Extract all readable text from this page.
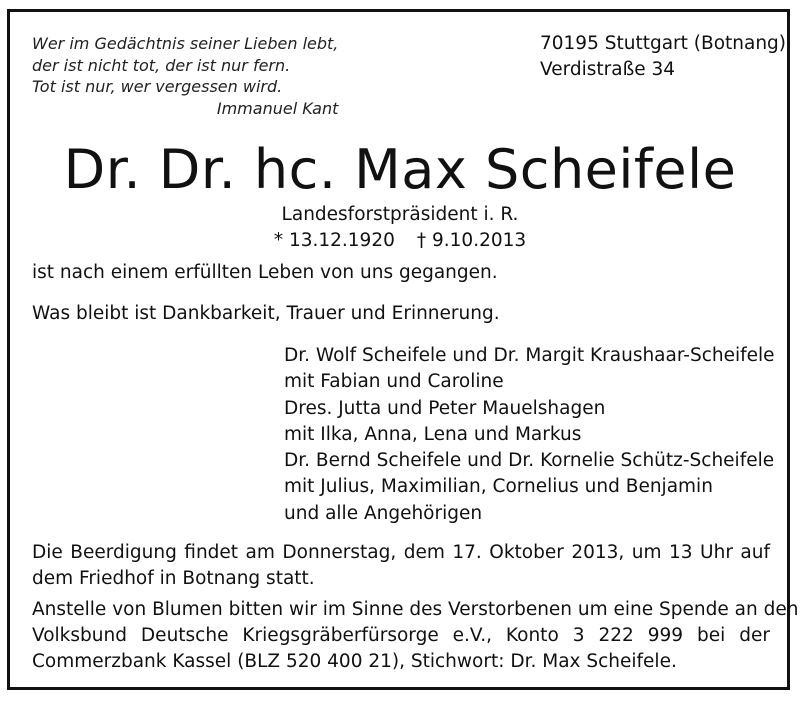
Wer im Gedächtnis seiner Lieben lebt,
der ist nicht tot, der ist nur fern.
Tot ist nur, wer vergessen wird.
Immanuel Kant
70195 Stuttgart (Botnang)
Verdistraße 34
Dr. Dr. hc. Max Scheifele
Landesforstpräsident i. R.
* 13.12.1920 † 9.10.2013
ist nach einem erfüllten Leben von uns gegangen.
Was bleibt ist Dankbarkeit, Trauer und Erinnerung.
Dr. Wolf Scheifele und Dr. Margit Kraushaar-Scheifele
mit Fabian und Caroline
Dres. Jutta und Peter Mauelshagen
mit Ilka, Anna, Lena und Markus
Dr. Bernd Scheifele und Dr. Kornelie Schütz-Scheifele
mit Julius, Maximilian, Cornelius und Benjamin
und alle Angehörigen
Die Beerdigung findet am Donnerstag, dem 17. Oktober 2013, um 13 Uhr auf
dem Friedhof in Botnang statt.
Anstelle von Blumen bitten wir im Sinne des Verstorbenen um eine Spende an den
Volksbund Deutsche Kriegsgräberfürsorge e.V., Konto 3 222 999 bei der
Commerzbank Kassel (BLZ 520 400 21), Stichwort: Dr. Max Scheifele.
